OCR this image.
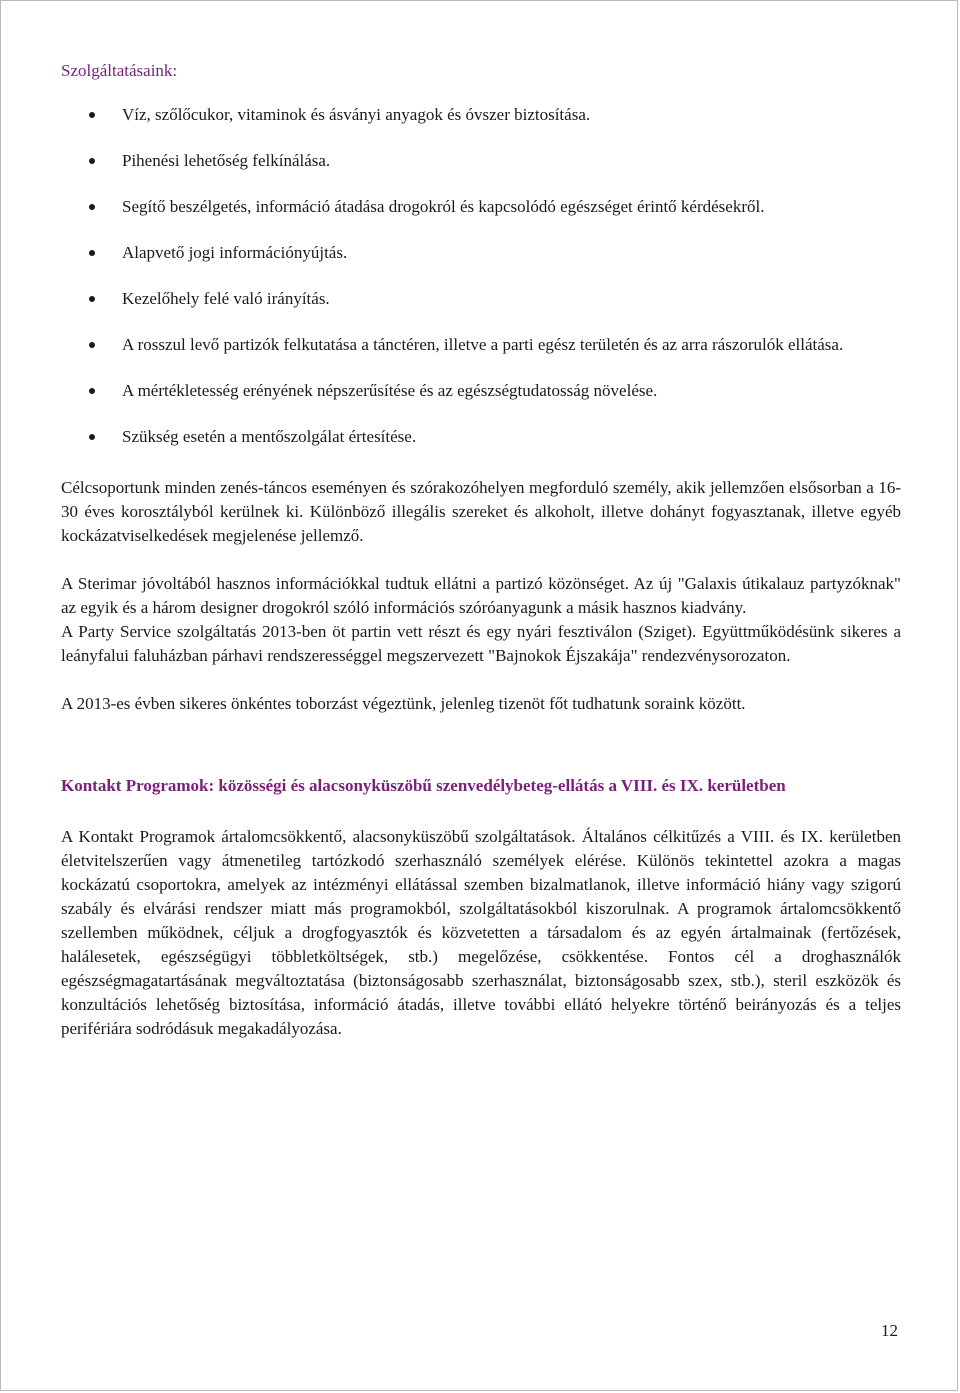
Szolgáltatásaink:
Víz, szőlőcukor, vitaminok és ásványi anyagok és óvszer biztosítása.
Pihenési lehetőség felkínálása.
Segítő beszélgetés, információ átadása drogokról és kapcsolódó egészséget érintő kérdésekről.
Alapvető jogi információnyújtás.
Kezelőhely felé való irányítás.
A rosszul levő partizók felkutatása a tánctéren, illetve a parti egész területén és az arra rászorulók ellátása.
A mértékletesség erényének népszerűsítése és az egészségtudatosság növelése.
Szükség esetén a mentőszolgálat értesítése.

Célcsoportunk minden zenés-táncos eseményen és szórakozóhelyen megforduló személy, akik jellemzően elsősorban a 16-30 éves korosztályból kerülnek ki. Különböző illegális szereket és alkoholt, illetve dohányt fogyasztanak, illetve egyéb kockázatviselkedések megjelenése jellemző.

A Sterimar jóvoltából hasznos információkkal tudtuk ellátni a partizó közönséget. Az új "Galaxis útikalauz partyzóknak" az egyik és a három designer drogokról szóló információs szóróanyagunk a másik hasznos kiadvány.

A Party Service szolgáltatás 2013-ben öt partin vett részt és egy nyári fesztiválon (Sziget). Együttműködésünk sikeres a leányfalui faluházban párhavi rendszerességgel megszervezett "Bajnokok Éjszakája" rendezvénysorozaton.

A 2013-es évben sikeres önkéntes toborzást végeztünk, jelenleg tizenöt főt tudhatunk soraink között.

Kontakt Programok: közösségi és alacsonyküszöbű szenvedélybeteg-ellátás a VIII. és IX. kerületben

A Kontakt Programok ártalomcsökkentő, alacsonyküszöbű szolgáltatások. Általános célkitűzés a VIII. és IX. kerületben életvitelszerűen vagy átmenetileg tartózkodó szerhasználó személyek elérése. Különös tekintettel azokra a magas kockázatú csoportokra, amelyek az intézményi ellátással szemben bizalmatlanok, illetve információ hiány vagy szigorú szabály és elvárási rendszer miatt más programokból, szolgáltatásokból kiszorulnak. A programok ártalomcsökkentő szellemben működnek, céljuk a drogfogyasztók és közvetetten a társadalom és az egyén ártalmainak (fertőzések, halálesetek, egészségügyi többletköltségek, stb.) megelőzése, csökkentése. Fontos cél a droghasználók egészségmagatartásának megváltoztatása (biztonságosabb szerhasználat, biztonságosabb szex, stb.), steril eszközök és konzultációs lehetőség biztosítása, információ átadás, illetve további ellátó helyekre történő beirányozás és a teljes perifériára sodródásuk megakadályozása.

12
